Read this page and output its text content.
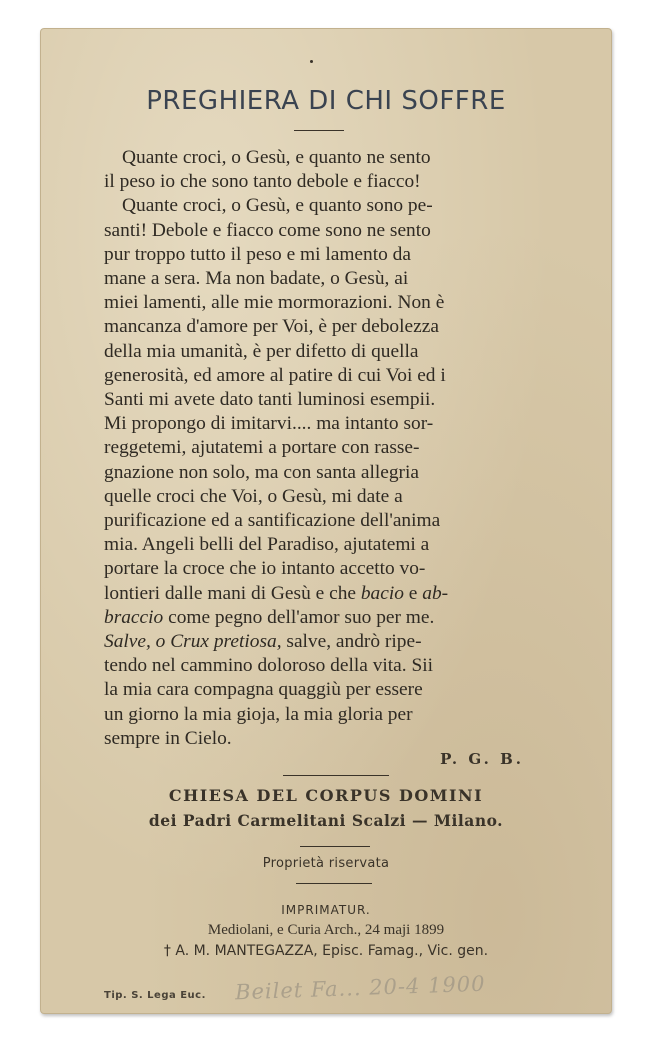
PREGHIERA DI CHI SOFFRE
Quante croci, o Gesù, e quanto ne sento
il peso io che sono tanto debole e fiacco!
Quante croci, o Gesù, e quanto sono pe-
santi! Debole e fiacco come sono ne sento
pur troppo tutto il peso e mi lamento da
mane a sera. Ma non badate, o Gesù, ai
miei lamenti, alle mie mormorazioni. Non è
mancanza d'amore per Voi, è per debolezza
della mia umanità, è per difetto di quella
generosità, ed amore al patire di cui Voi ed i
Santi mi avete dato tanti luminosi esempii.
Mi propongo di imitarvi.... ma intanto sor-
reggetemi, ajutatemi a portare con rasse-
gnazione non solo, ma con santa allegria
quelle croci che Voi, o Gesù, mi date a
purificazione ed a santificazione dell'anima
mia. Angeli belli del Paradiso, ajutatemi a
portare la croce che io intanto accetto vo-
lontieri dalle mani di Gesù e che bacio e ab-
braccio come pegno dell'amor suo per me.
Salve, o Crux pretiosa, salve, andrò ripe-
tendo nel cammino doloroso della vita. Sii
la mia cara compagna quaggiù per essere
un giorno la mia gioja, la mia gloria per
sempre in Cielo.
P. G. B.
CHIESA DEL CORPUS DOMINI
dei Padri Carmelitani Scalzi — Milano.
Proprietà riservata
IMPRIMATUR.
Mediolani, e Curia Arch., 24 maji 1899
† A. M. MANTEGAZZA, Episc. Famag., Vic. gen.
Tip. S. Lega Euc. Beilet Fa... 20-4 1900
